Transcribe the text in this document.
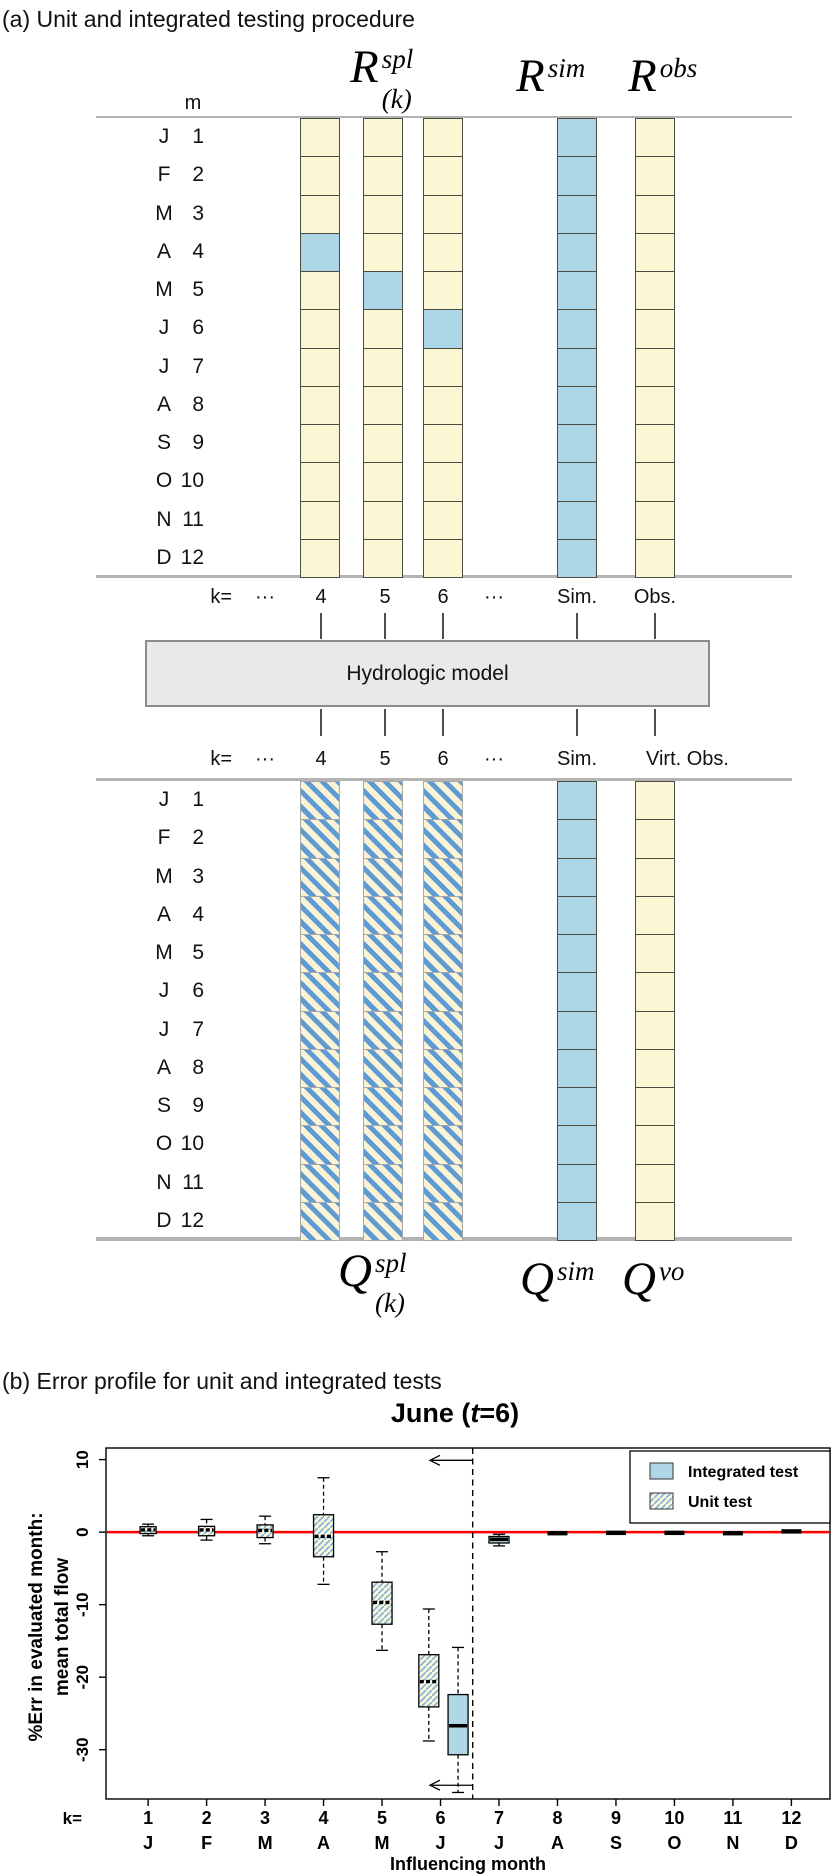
(a) Unit and integrated testing procedure
R spl
(k) R sim R obs
m
k=	···	4	5	6	···	Sim. Obs.
Hydrologic model
k=	···	4	5	6	···	Sim.	Virt. Obs.
Q spl
(k) Q sim Q vo
J	1
F	2
M 3
A	4
M 5
J	6
J	7
A	8
S	9
O 10
N 11
D 12
J	1
F	2
M 3
A	4
M 5
J	6
J	7
A	8
S	9
O 10
N 11
D 12
(b) Error profile for unit and integrated tests
1
J
2
F
3
M
4
A
5
M
6
J
7
J
8
A
9
S
10
O
11
N
12
D
k=
Influencing month
10
0
-10
-20
-30
%Err in evaluated month: mean total flow
June (t=6)
Integrated test
Unit test
